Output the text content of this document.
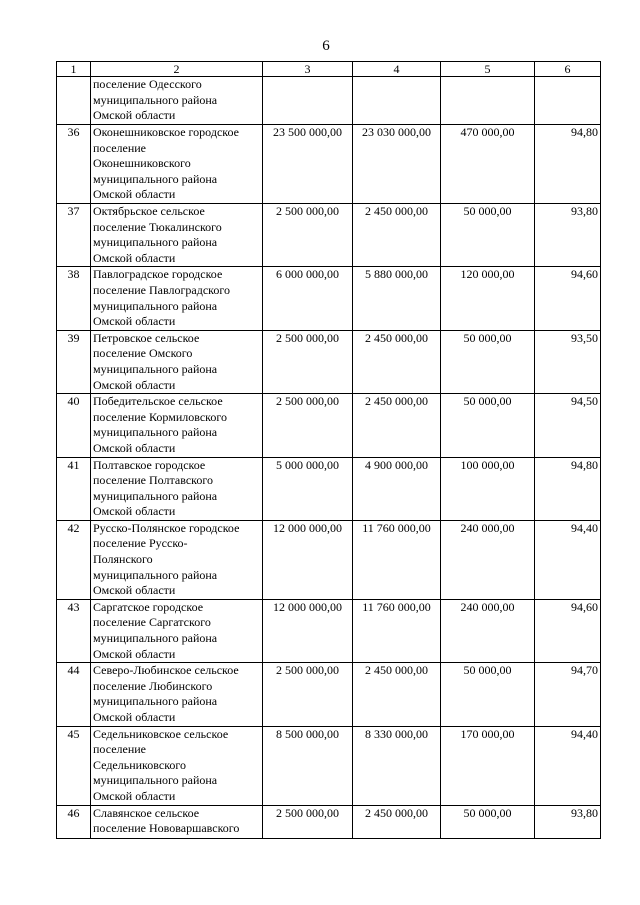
6
1	2	3	4	5	6

	поселение Одесского
муниципального района
Омской области				

36	Оконешниковское городское
поселение
Оконешниковского
муниципального района
Омской области	23 500 000,00	23 030 000,00	470 000,00	94,80
37	Октябрьское сельское
поселение Тюкалинского
муниципального района
Омской области	2 500 000,00	2 450 000,00	50 000,00	93,80
38	Павлоградское городское
поселение Павлоградского
муниципального района
Омской области	6 000 000,00	5 880 000,00	120 000,00	94,60
39	Петровское сельское
поселение Омского
муниципального района
Омской области	2 500 000,00	2 450 000,00	50 000,00	93,50
40	Победительское сельское
поселение Кормиловского
муниципального района
Омской области	2 500 000,00	2 450 000,00	50 000,00	94,50
41	Полтавское городское
поселение Полтавского
муниципального района
Омской области	5 000 000,00	4 900 000,00	100 000,00	94,80
42	Русско-Полянское городское
поселение Русско-
Полянского
муниципального района
Омской области	12 000 000,00	11 760 000,00	240 000,00	94,40
43	Саргатское городское
поселение Саргатского
муниципального района
Омской области	12 000 000,00	11 760 000,00	240 000,00	94,60
44	Северо-Любинское сельское
поселение Любинского
муниципального района
Омской области	2 500 000,00	2 450 000,00	50 000,00	94,70
45	Седельниковское сельское
поселение
Седельниковского
муниципального района
Омской области	8 500 000,00	8 330 000,00	170 000,00	94,40
46	Славянское сельское
поселение Нововаршавского	2 500 000,00	2 450 000,00	50 000,00	93,80
